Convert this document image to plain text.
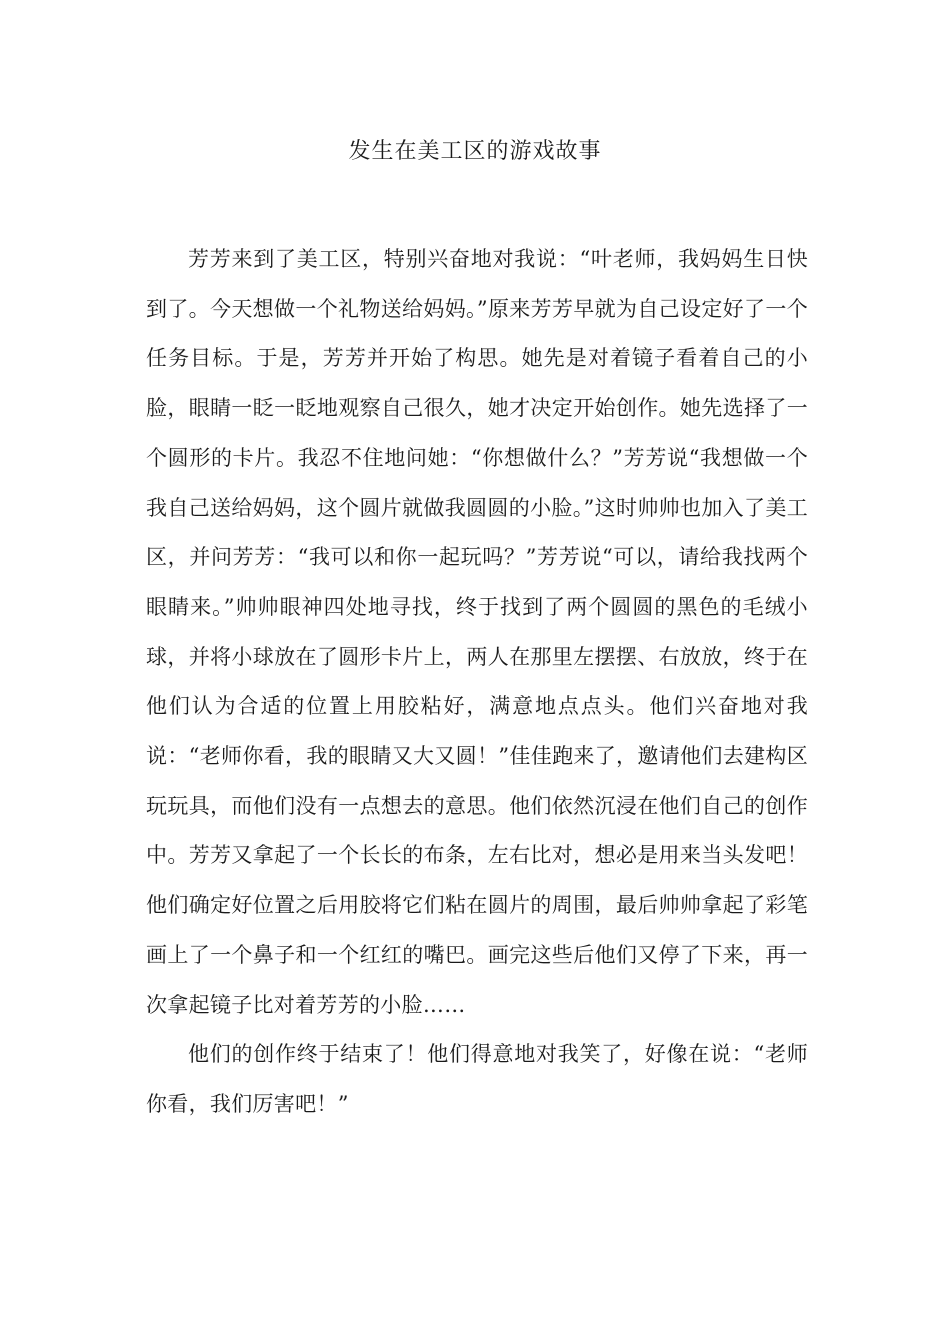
发生在美工区的游戏故事

芳芳来到了美工区，特别兴奋地对我说：“叶老师，我妈妈生日快到了。今天想做一个礼物送给妈妈。”原来芳芳早就为自己设定好了一个任务目标。于是，芳芳并开始了构思。她先是对着镜子看着自己的小脸，眼睛一眨一眨地观察自己很久，她才决定开始创作。她先选择了一个圆形的卡片。我忍不住地问她：“你想做什么？”芳芳说“我想做一个我自己送给妈妈，这个圆片就做我圆圆的小脸。”这时帅帅也加入了美工区，并问芳芳：“我可以和你一起玩吗？”芳芳说“可以，请给我找两个眼睛来。”帅帅眼神四处地寻找，终于找到了两个圆圆的黑色的毛绒小球，并将小球放在了圆形卡片上，两人在那里左摆摆、右放放，终于在他们认为合适的位置上用胶粘好，满意地点点头。他们兴奋地对我说：“老师你看，我的眼睛又大又圆！”佳佳跑来了，邀请他们去建构区玩玩具，而他们没有一点想去的意思。他们依然沉浸在他们自己的创作中。芳芳又拿起了一个长长的布条，左右比对，想必是用来当头发吧！他们确定好位置之后用胶将它们粘在圆片的周围，最后帅帅拿起了彩笔画上了一个鼻子和一个红红的嘴巴。画完这些后他们又停了下来，再一次拿起镜子比对着芳芳的小脸……

他们的创作终于结束了！他们得意地对我笑了，好像在说：“老师你看，我们厉害吧！”
